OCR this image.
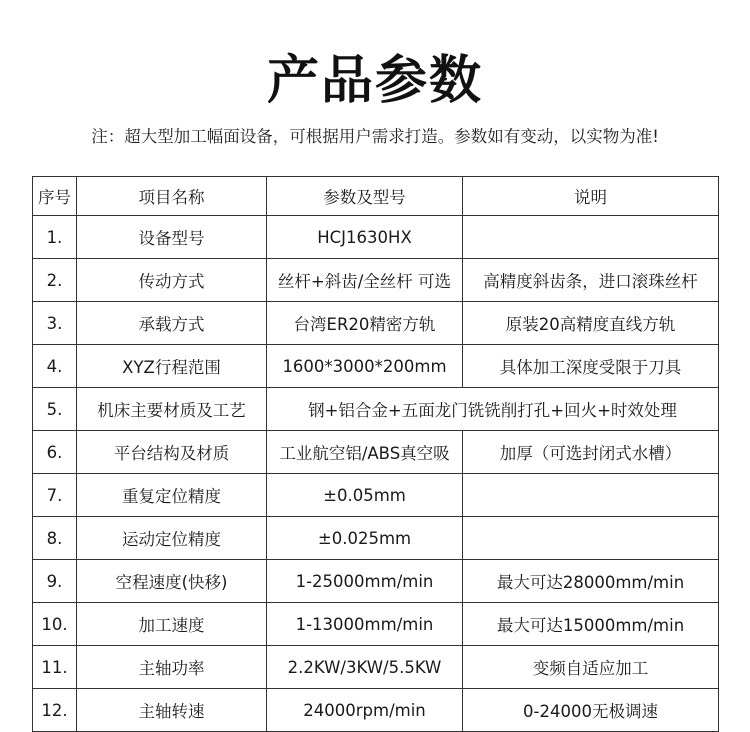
产品参数
注：超大型加工幅面设备，可根据用户需求打造。参数如有变动，以实物为准!
序号	项目名称	参数及型号	说明
1.	设备型号	HCJ1630HX	
2.	传动方式	丝杆+斜齿/全丝杆 可选	高精度斜齿条，进口滚珠丝杆
3.	承载方式	台湾ER20精密方轨	原装20高精度直线方轨
4.	XYZ行程范围	1600*3000*200mm	具体加工深度受限于刀具
5.	机床主要材质及工艺	钢+铝合金+五面龙门铣铣削打孔+回火+时效处理	
6.	平台结构及材质	工业航空铝/ABS真空吸	加厚（可选封闭式水槽）
7.	重复定位精度	±0.05mm	
8.	运动定位精度	±0.025mm	
9.	空程速度(快移)	1-25000mm/min	最大可达28000mm/min
10.	加工速度	1-13000mm/min	最大可达15000mm/min
11.	主轴功率	2.2KW/3KW/5.5KW	变频自适应加工
12.	主轴转速	24000rpm/min	0-24000无极调速
